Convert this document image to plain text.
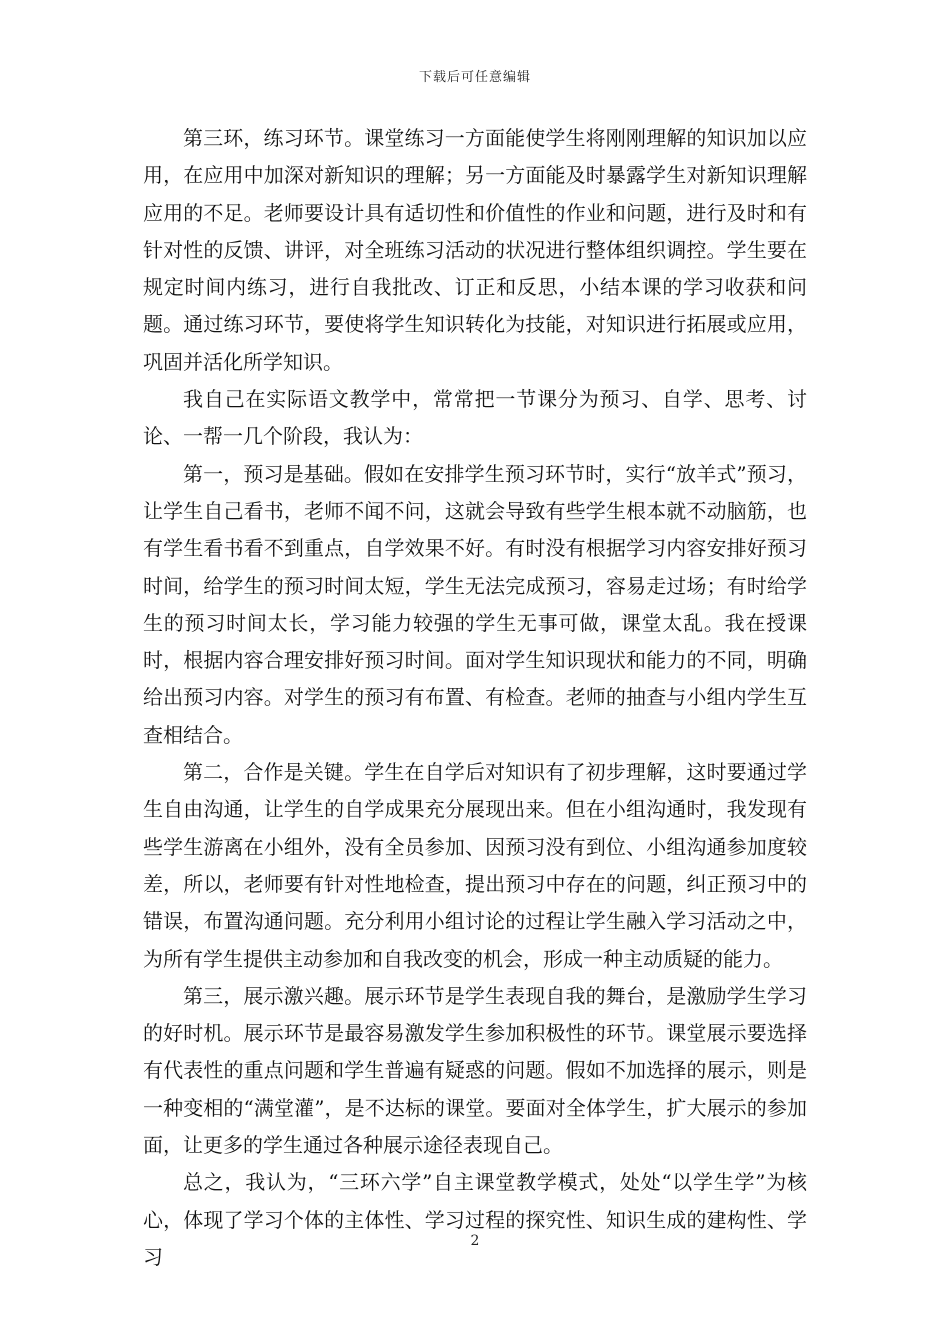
下载后可任意编辑

第三环，练习环节。课堂练习一方面能使学生将刚刚理解的知识加以应用，在应用中加深对新知识的理解；另一方面能及时暴露学生对新知识理解应用的不足。老师要设计具有适切性和价值性的作业和问题，进行及时和有针对性的反馈、讲评，对全班练习活动的状况进行整体组织调控。学生要在规定时间内练习，进行自我批改、订正和反思，小结本课的学习收获和问题。通过练习环节，要使将学生知识转化为技能，对知识进行拓展或应用，巩固并活化所学知识。

我自己在实际语文教学中，常常把一节课分为预习、自学、思考、讨论、一帮一几个阶段，我认为：

第一，预习是基础。假如在安排学生预习环节时，实行“放羊式”预习，让学生自己看书，老师不闻不问，这就会导致有些学生根本就不动脑筋，也有学生看书看不到重点，自学效果不好。有时没有根据学习内容安排好预习时间，给学生的预习时间太短，学生无法完成预习，容易走过场；有时给学生的预习时间太长，学习能力较强的学生无事可做，课堂太乱。我在授课时，根据内容合理安排好预习时间。面对学生知识现状和能力的不同，明确给出预习内容。对学生的预习有布置、有检查。老师的抽查与小组内学生互查相结合。

第二，合作是关键。学生在自学后对知识有了初步理解，这时要通过学生自由沟通，让学生的自学成果充分展现出来。但在小组沟通时，我发现有些学生游离在小组外，没有全员参加、因预习没有到位、小组沟通参加度较差，所以，老师要有针对性地检查，提出预习中存在的问题，纠正预习中的错误，布置沟通问题。充分利用小组讨论的过程让学生融入学习活动之中，为所有学生提供主动参加和自我改变的机会，形成一种主动质疑的能力。

第三，展示激兴趣。展示环节是学生表现自我的舞台，是激励学生学习的好时机。展示环节是最容易激发学生参加积极性的环节。课堂展示要选择有代表性的重点问题和学生普遍有疑惑的问题。假如不加选择的展示，则是一种变相的“满堂灌”，是不达标的课堂。要面对全体学生，扩大展示的参加面，让更多的学生通过各种展示途径表现自己。

总之，我认为，“三环六学”自主课堂教学模式，处处“以学生学”为核心，体现了学习个体的主体性、学习过程的探究性、知识生成的建构性、学习

2
